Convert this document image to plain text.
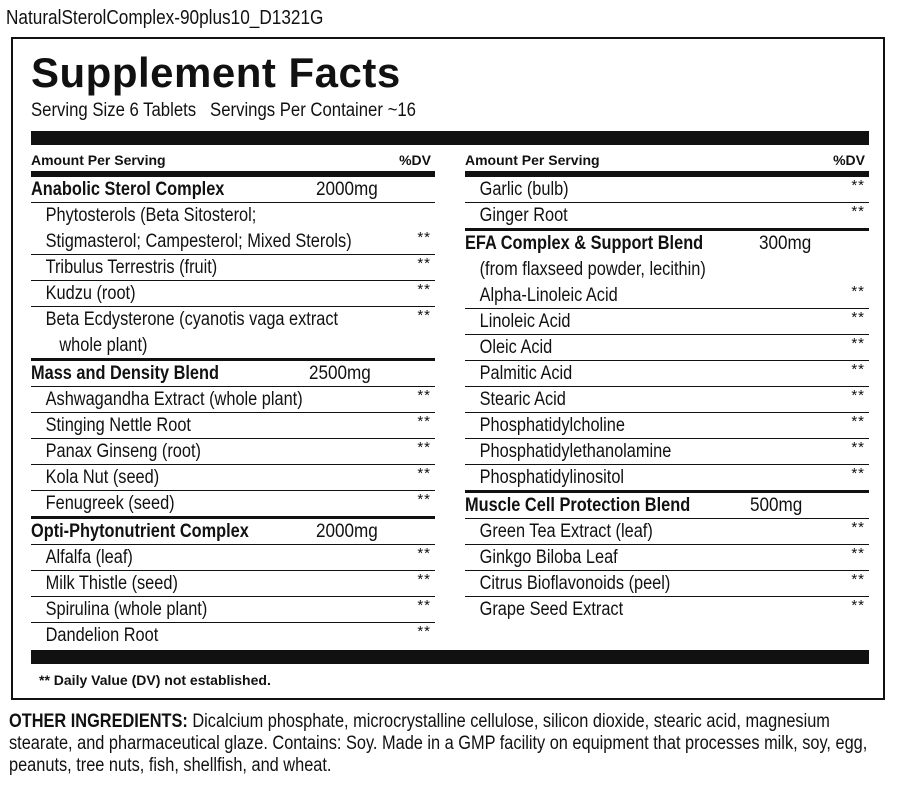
NaturalSterolComplex-90plus10_D1321G
Supplement Facts
Serving Size 6 Tablets   Servings Per Container ~16
Amount Per Serving	%DV
Anabolic Sterol Complex	2000mg
Phytosterols (Beta Sitosterol;
Stigmasterol; Campesterol; Mixed Sterols)	**
Tribulus Terrestris (fruit)	**
Kudzu (root)	**
Beta Ecdysterone (cyanotis vaga extract	**
whole plant)
Mass and Density Blend	2500mg
Ashwagandha Extract (whole plant)	**
Stinging Nettle Root	**
Panax Ginseng (root)	**
Kola Nut (seed)	**
Fenugreek (seed)	**
Opti-Phytonutrient Complex	2000mg
Alfalfa (leaf)	**
Milk Thistle (seed)	**
Spirulina (whole plant)	**
Dandelion Root	**
Amount Per Serving	%DV
Garlic (bulb)	**
Ginger Root	**
EFA Complex & Support Blend	300mg
(from flaxseed powder, lecithin)
Alpha-Linoleic Acid	**
Linoleic Acid	**
Oleic Acid	**
Palmitic Acid	**
Stearic Acid	**
Phosphatidylcholine	**
Phosphatidylethanolamine	**
Phosphatidylinositol	**
Muscle Cell Protection Blend	500mg
Green Tea Extract (leaf)	**
Ginkgo Biloba Leaf	**
Citrus Bioflavonoids (peel)	**
Grape Seed Extract	**
** Daily Value (DV) not established.
OTHER INGREDIENTS: Dicalcium phosphate, microcrystalline cellulose, silicon dioxide, stearic acid, magnesium stearate, and pharmaceutical glaze. Contains: Soy. Made in a GMP facility on equipment that processes milk, soy, egg, peanuts, tree nuts, fish, shellfish, and wheat.
